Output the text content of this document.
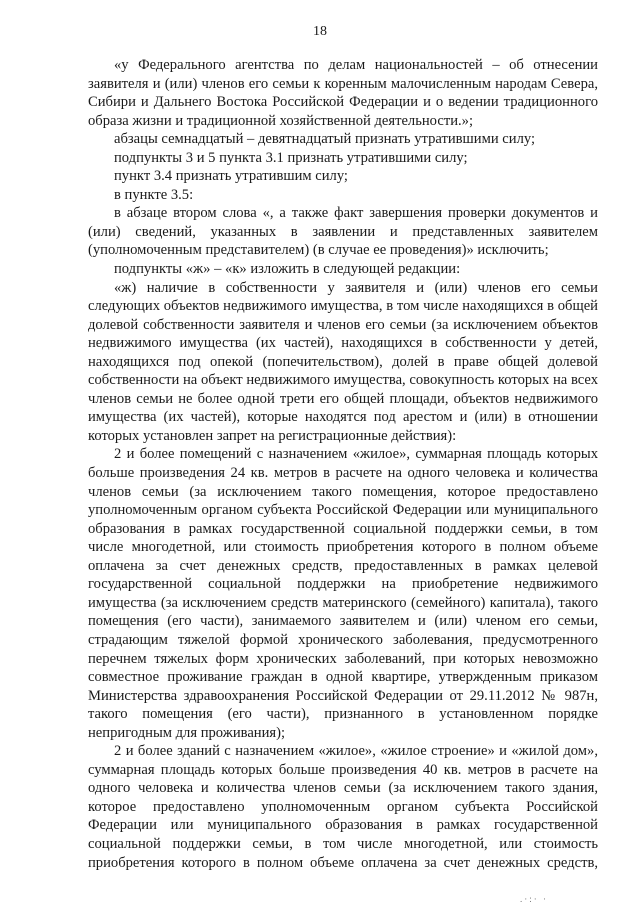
18

«у Федерального агентства по делам национальностей – об отнесении заявителя и (или) членов его семьи к коренным малочисленным народам Севера, Сибири и Дальнего Востока Российской Федерации и о ведении традиционного образа жизни и традиционной хозяйственной деятельности.»;

абзацы семнадцатый – девятнадцатый признать утратившими силу;

подпункты 3 и 5 пункта 3.1 признать утратившими силу;

пункт 3.4 признать утратившим силу;

в пункте 3.5:

в абзаце втором слова «, а также факт завершения проверки документов и (или) сведений, указанных в заявлении и представленных заявителем (уполномоченным представителем) (в случае ее проведения)» исключить;

подпункты «ж» – «к» изложить в следующей редакции:

«ж) наличие в собственности у заявителя и (или) членов его семьи следующих объектов недвижимого имущества, в том числе находящихся в общей долевой собственности заявителя и членов его семьи (за исключением объектов недвижимого имущества (их частей), находящихся в собственности у детей, находящихся под опекой (попечительством), долей в праве общей долевой собственности на объект недвижимого имущества, совокупность которых на всех членов семьи не более одной трети его общей площади, объектов недвижимого имущества (их частей), которые находятся под арестом и (или) в отношении которых установлен запрет на регистрационные действия):

2 и более помещений с назначением «жилое», суммарная площадь которых больше произведения 24 кв. метров в расчете на одного человека и количества членов семьи (за исключением такого помещения, которое предоставлено уполномоченным органом субъекта Российской Федерации или муниципального образования в рамках государственной социальной поддержки семьи, в том числе многодетной, или стоимость приобретения которого в полном объеме оплачена за счет денежных средств, предоставленных в рамках целевой государственной социальной поддержки на приобретение недвижимого имущества (за исключением средств материнского (семейного) капитала), такого помещения (его части), занимаемого заявителем и (или) членом его семьи, страдающим тяжелой формой хронического заболевания, предусмотренного перечнем тяжелых форм хронических заболеваний, при которых невозможно совместное проживание граждан в одной квартире, утвержденным приказом Министерства здравоохранения Российской Федерации от 29.11.2012 № 987н, такого помещения (его части), признанного в установленном порядке непригодным для проживания);

2 и более зданий с назначением «жилое», «жилое строение» и «жилой дом», суммарная площадь которых больше произведения 40 кв. метров в расчете на одного человека и количества членов семьи (за исключением такого здания, которое предоставлено уполномоченным органом субъекта Российской Федерации или муниципального образования в рамках государственной социальной поддержки семьи, в том числе многодетной, или стоимость приобретения которого в полном объеме оплачена за счет денежных средств,

.·:· ·
